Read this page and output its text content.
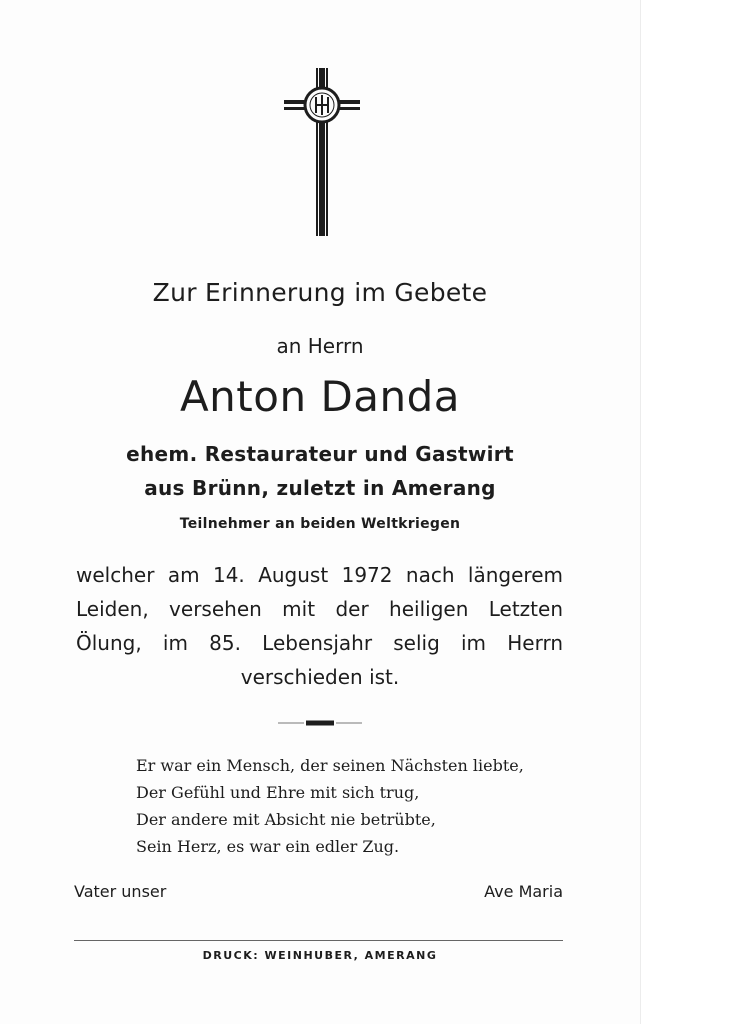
Zur Erinnerung im Gebete
an Herrn
Anton Danda
ehem. Restaurateur und Gastwirt
aus Brünn, zuletzt in Amerang
Teilnehmer an beiden Weltkriegen
welcher am 14. August 1972 nach längerem
Leiden, versehen mit der heiligen Letzten
Ölung, im 85. Lebensjahr selig im Herrn
verschieden ist.
Er war ein Mensch, der seinen Nächsten liebte,
Der Gefühl und Ehre mit sich trug,
Der andere mit Absicht nie betrübte,
Sein Herz, es war ein edler Zug.
Vater unser	Ave Maria
DRUCK: WEINHUBER, AMERANG
